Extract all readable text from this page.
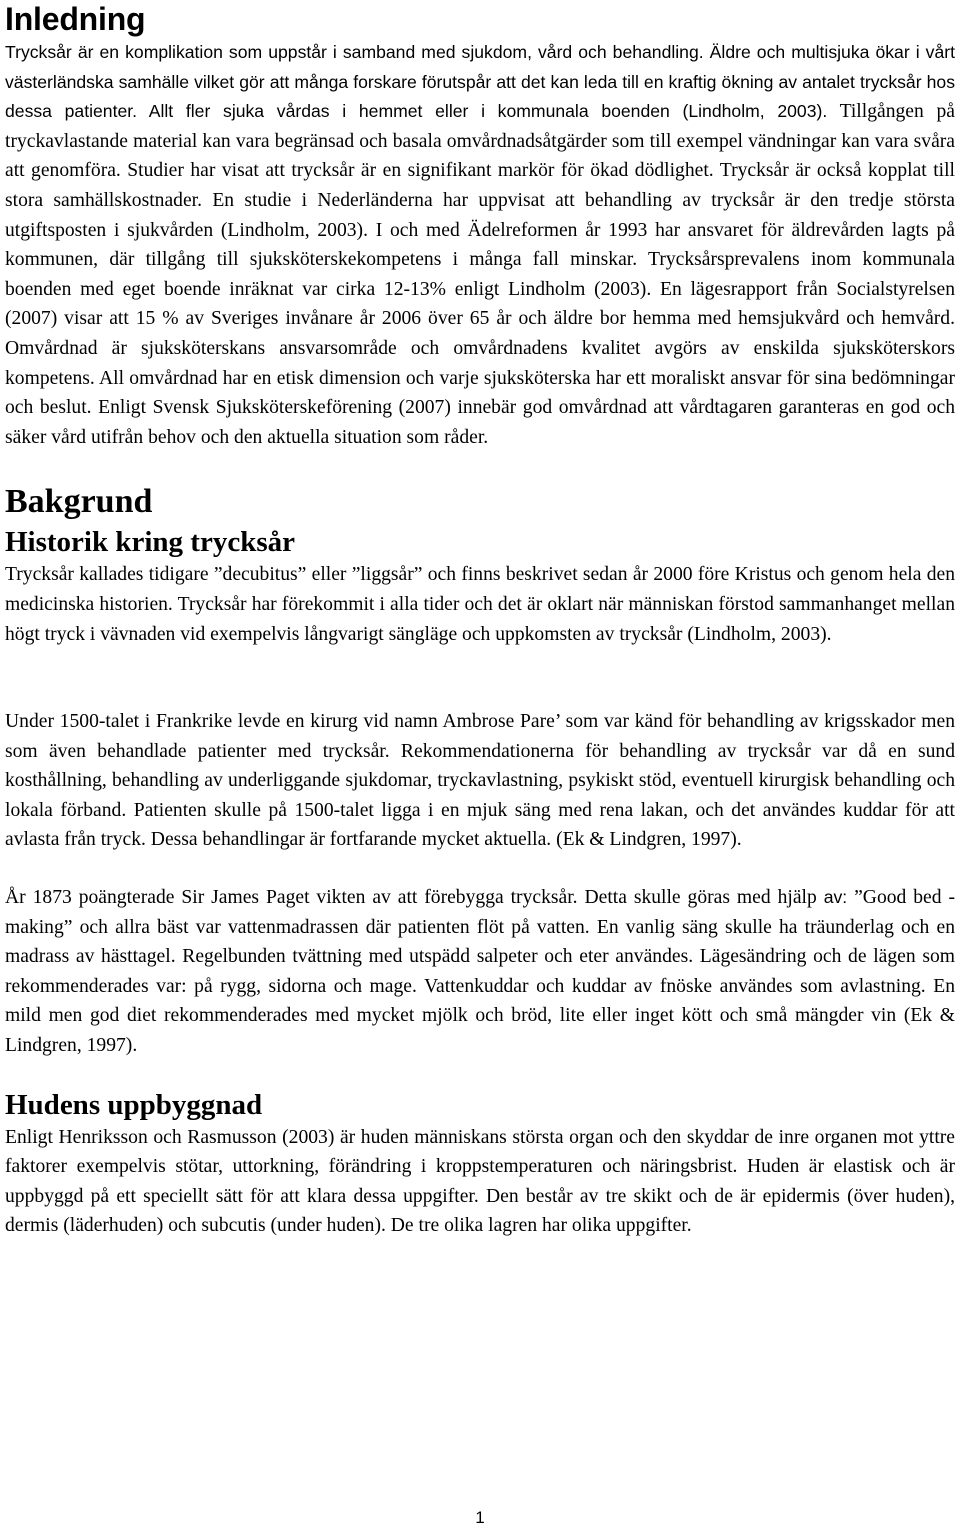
Inledning

Trycksår är en komplikation som uppstår i samband med sjukdom, vård och behandling. Äldre och multisjuka ökar i vårt västerländska samhälle vilket gör att många forskare förutspår att det kan leda till en kraftig ökning av antalet trycksår hos dessa patienter. Allt fler sjuka vårdas i hemmet eller i kommunala boenden (Lindholm, 2003). Tillgången på tryckavlastande material kan vara begränsad och basala omvårdnadsåtgärder som till exempel vändningar kan vara svåra att genomföra. Studier har visat att trycksår är en signifikant markör för ökad dödlighet. Trycksår är också kopplat till stora samhällskostnader. En studie i Nederländerna har uppvisat att behandling av trycksår är den tredje största utgiftsposten i sjukvården (Lindholm, 2003). I och med Ädelreformen år 1993 har ansvaret för äldrevården lagts på kommunen, där tillgång till sjuksköterskekompetens i många fall minskar. Trycksårsprevalens inom kommunala boenden med eget boende inräknat var cirka 12-13% enligt Lindholm (2003). En lägesrapport från Socialstyrelsen (2007) visar att 15 % av Sveriges invånare år 2006 över 65 år och äldre bor hemma med hemsjukvård och hemvård. Omvårdnad är sjuksköterskans ansvarsområde och omvårdnadens kvalitet avgörs av enskilda sjuksköterskors kompetens. All omvårdnad har en etisk dimension och varje sjuksköterska har ett moraliskt ansvar för sina bedömningar och beslut. Enligt Svensk Sjuksköterskeförening (2007) innebär god omvårdnad att vårdtagaren garanteras en god och säker vård utifrån behov och den aktuella situation som råder.

Bakgrund
Historik kring trycksår

Trycksår kallades tidigare ”decubitus” eller ”liggsår” och finns beskrivet sedan år 2000 före Kristus och genom hela den medicinska historien. Trycksår har förekommit i alla tider och det är oklart när människan förstod sammanhanget mellan högt tryck i vävnaden vid exempelvis långvarigt sängläge och uppkomsten av trycksår (Lindholm, 2003).

Under 1500-talet i Frankrike levde en kirurg vid namn Ambrose Pare’ som var känd för behandling av krigsskador men som även behandlade patienter med trycksår. Rekommendationerna för behandling av trycksår var då en sund kosthållning, behandling av underliggande sjukdomar, tryckavlastning, psykiskt stöd, eventuell kirurgisk behandling och lokala förband. Patienten skulle på 1500-talet ligga i en mjuk säng med rena lakan, och det användes kuddar för att avlasta från tryck. Dessa behandlingar är fortfarande mycket aktuella. (Ek & Lindgren, 1997).

År 1873 poängterade Sir James Paget vikten av att förebygga trycksår. Detta skulle göras med hjälp av: ”Good bed - making” och allra bäst var vattenmadrassen där patienten flöt på vatten. En vanlig säng skulle ha träunderlag och en madrass av hästtagel. Regelbunden tvättning med utspädd salpeter och eter användes. Lägesändring och de lägen som rekommenderades var: på rygg, sidorna och mage. Vattenkuddar och kuddar av fnöske användes som avlastning. En mild men god diet rekommenderades med mycket mjölk och bröd, lite eller inget kött och små mängder vin (Ek & Lindgren, 1997).

Hudens uppbyggnad

Enligt Henriksson och Rasmusson (2003) är huden människans största organ och den skyddar de inre organen mot yttre faktorer exempelvis stötar, uttorkning, förändring i kroppstemperaturen och näringsbrist. Huden är elastisk och är uppbyggd på ett speciellt sätt för att klara dessa uppgifter. Den består av tre skikt och de är epidermis (över huden), dermis (läderhuden) och subcutis (under huden). De tre olika lagren har olika uppgifter.

1
